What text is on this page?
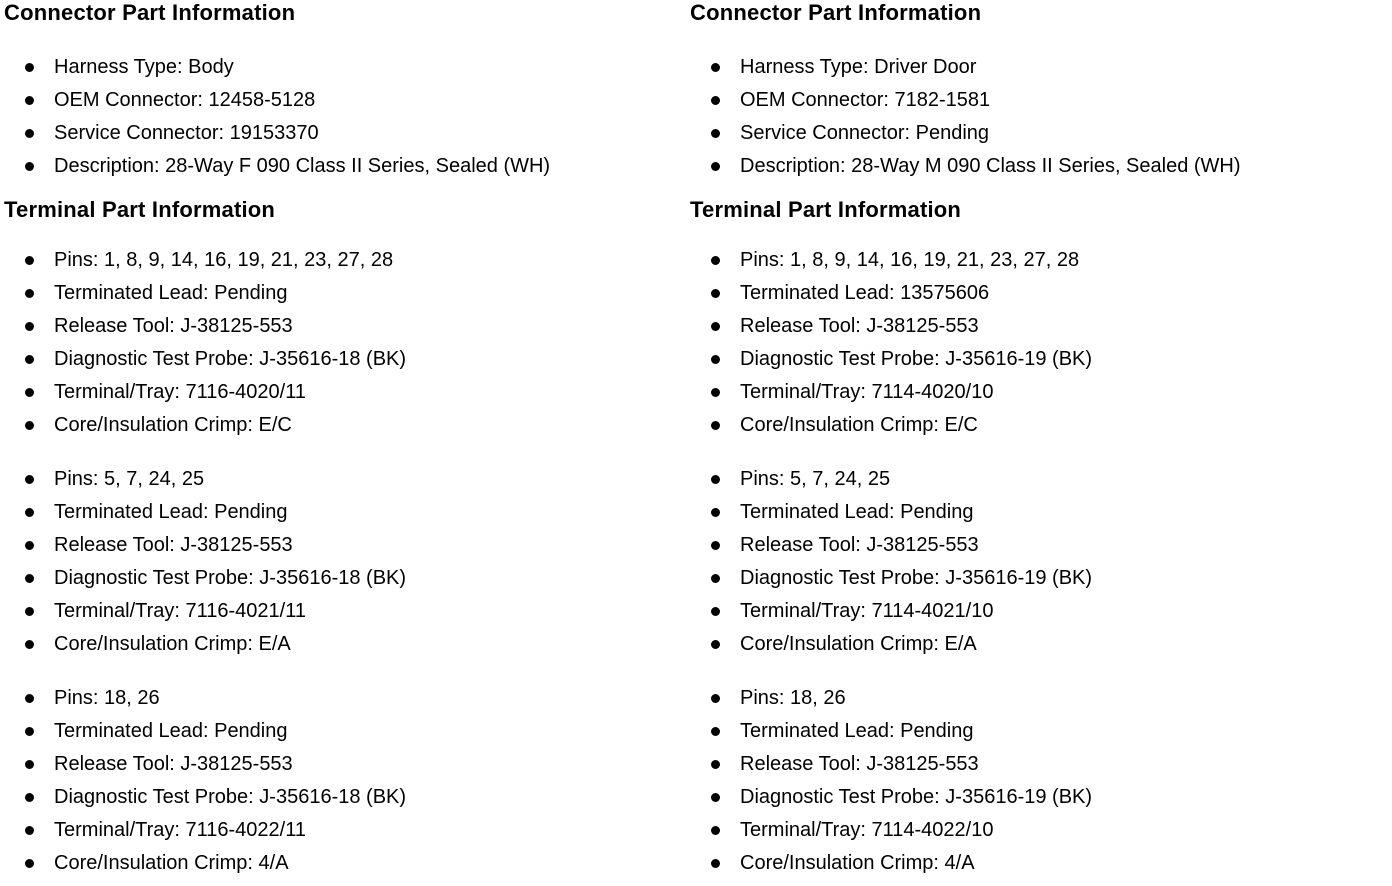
Connector Part Information
Harness Type: Body
OEM Connector: 12458-5128
Service Connector: 19153370
Description: 28-Way F 090 Class II Series, Sealed (WH)
Terminal Part Information
Pins: 1, 8, 9, 14, 16, 19, 21, 23, 27, 28
Terminated Lead: Pending
Release Tool: J-38125-553
Diagnostic Test Probe: J-35616-18 (BK)
Terminal/Tray: 7116-4020/11
Core/Insulation Crimp: E/C
Pins: 5, 7, 24, 25
Terminated Lead: Pending
Release Tool: J-38125-553
Diagnostic Test Probe: J-35616-18 (BK)
Terminal/Tray: 7116-4021/11
Core/Insulation Crimp: E/A
Pins: 18, 26
Terminated Lead: Pending
Release Tool: J-38125-553
Diagnostic Test Probe: J-35616-18 (BK)
Terminal/Tray: 7116-4022/11
Core/Insulation Crimp: 4/A
Connector Part Information
Harness Type: Driver Door
OEM Connector: 7182-1581
Service Connector: Pending
Description: 28-Way M 090 Class II Series, Sealed (WH)
Terminal Part Information
Pins: 1, 8, 9, 14, 16, 19, 21, 23, 27, 28
Terminated Lead: 13575606
Release Tool: J-38125-553
Diagnostic Test Probe: J-35616-19 (BK)
Terminal/Tray: 7114-4020/10
Core/Insulation Crimp: E/C
Pins: 5, 7, 24, 25
Terminated Lead: Pending
Release Tool: J-38125-553
Diagnostic Test Probe: J-35616-19 (BK)
Terminal/Tray: 7114-4021/10
Core/Insulation Crimp: E/A
Pins: 18, 26
Terminated Lead: Pending
Release Tool: J-38125-553
Diagnostic Test Probe: J-35616-19 (BK)
Terminal/Tray: 7114-4022/10
Core/Insulation Crimp: 4/A
